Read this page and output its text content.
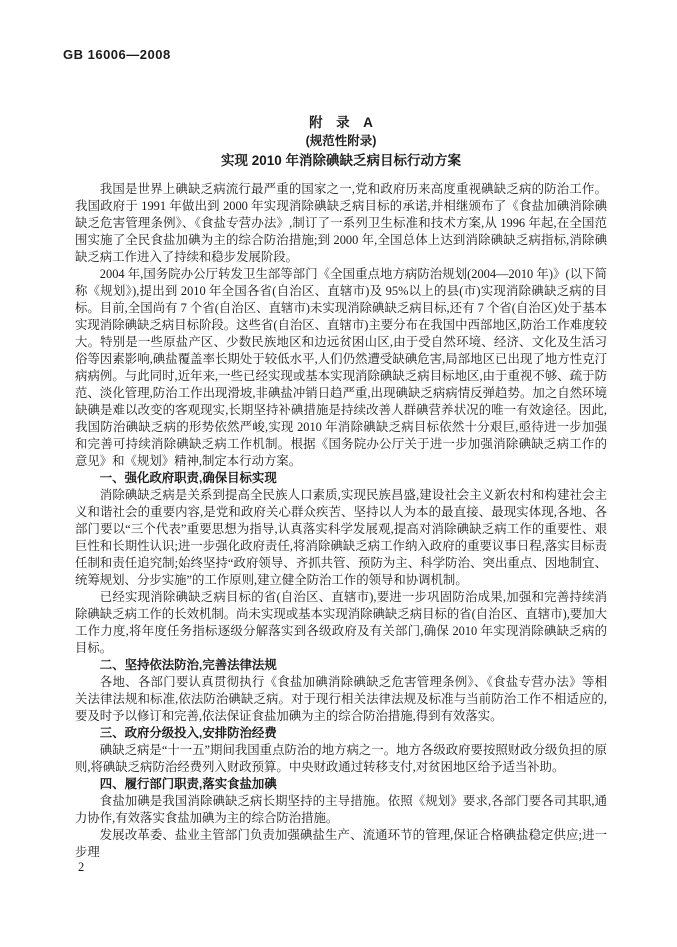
GB 16006—2008
附　录　A
(规范性附录)
实现 2010 年消除碘缺乏病目标行动方案

我国是世界上碘缺乏病流行最严重的国家之一,党和政府历来高度重视碘缺乏病的防治工作。我国政府于 1991 年做出到 2000 年实现消除碘缺乏病目标的承诺,并相继颁布了《食盐加碘消除碘缺乏危害管理条例》、《食盐专营办法》,制订了一系列卫生标准和技术方案,从 1996 年起,在全国范围实施了全民食盐加碘为主的综合防治措施;到 2000 年,全国总体上达到消除碘缺乏病指标,消除碘缺乏病工作进入了持续和稳步发展阶段。

2004 年,国务院办公厅转发卫生部等部门《全国重点地方病防治规划(2004—2010 年)》(以下简称《规划》),提出到 2010 年全国各省(自治区、直辖市)及 95%以上的县(市)实现消除碘缺乏病的目标。目前,全国尚有 7 个省(自治区、直辖市)未实现消除碘缺乏病目标,还有 7 个省(自治区)处于基本实现消除碘缺乏病目标阶段。这些省(自治区、直辖市)主要分布在我国中西部地区,防治工作难度较大。特别是一些原盐产区、少数民族地区和边远贫困山区,由于受自然环境、经济、文化及生活习俗等因素影响,碘盐覆盖率长期处于较低水平,人们仍然遭受缺碘危害,局部地区已出现了地方性克汀病病例。与此同时,近年来,一些已经实现或基本实现消除碘缺乏病目标地区,由于重视不够、疏于防范、淡化管理,防治工作出现滑坡,非碘盐冲销日趋严重,出现碘缺乏病病情反弹趋势。加之自然环境缺碘是难以改变的客观现实,长期坚持补碘措施是持续改善人群碘营养状况的唯一有效途径。因此,我国防治碘缺乏病的形势依然严峻,实现 2010 年消除碘缺乏病目标依然十分艰巨,亟待进一步加强和完善可持续消除碘缺乏病工作机制。根据《国务院办公厅关于进一步加强消除碘缺乏病工作的意见》和《规划》精神,制定本行动方案。

一、强化政府职责,确保目标实现

消除碘缺乏病是关系到提高全民族人口素质,实现民族昌盛,建设社会主义新农村和构建社会主义和谐社会的重要内容,是党和政府关心群众疾苦、坚持以人为本的最直接、最现实体现,各地、各部门要以“三个代表”重要思想为指导,认真落实科学发展观,提高对消除碘缺乏病工作的重要性、艰巨性和长期性认识;进一步强化政府责任,将消除碘缺乏病工作纳入政府的重要议事日程,落实目标责任制和责任追究制;始终坚持“政府领导、齐抓共管、预防为主、科学防治、突出重点、因地制宜、统筹规划、分步实施”的工作原则,建立健全防治工作的领导和协调机制。

已经实现消除碘缺乏病目标的省(自治区、直辖市),要进一步巩固防治成果,加强和完善持续消除碘缺乏病工作的长效机制。尚未实现或基本实现消除碘缺乏病目标的省(自治区、直辖市),要加大工作力度,将年度任务指标逐级分解落实到各级政府及有关部门,确保 2010 年实现消除碘缺乏病的目标。

二、坚持依法防治,完善法律法规

各地、各部门要认真贯彻执行《食盐加碘消除碘缺乏危害管理条例》、《食盐专营办法》等相关法律法规和标准,依法防治碘缺乏病。对于现行相关法律法规及标准与当前防治工作不相适应的,要及时予以修订和完善,依法保证食盐加碘为主的综合防治措施,得到有效落实。

三、政府分级投入,安排防治经费

碘缺乏病是“十一五”期间我国重点防治的地方病之一。地方各级政府要按照财政分级负担的原则,将碘缺乏病防治经费列入财政预算。中央财政通过转移支付,对贫困地区给予适当补助。

四、履行部门职责,落实食盐加碘

食盐加碘是我国消除碘缺乏病长期坚持的主导措施。依照《规划》要求,各部门要各司其职,通力协作,有效落实食盐加碘为主的综合防治措施。

发展改革委、盐业主管部门负责加强碘盐生产、流通环节的管理,保证合格碘盐稳定供应;进一步理

2
